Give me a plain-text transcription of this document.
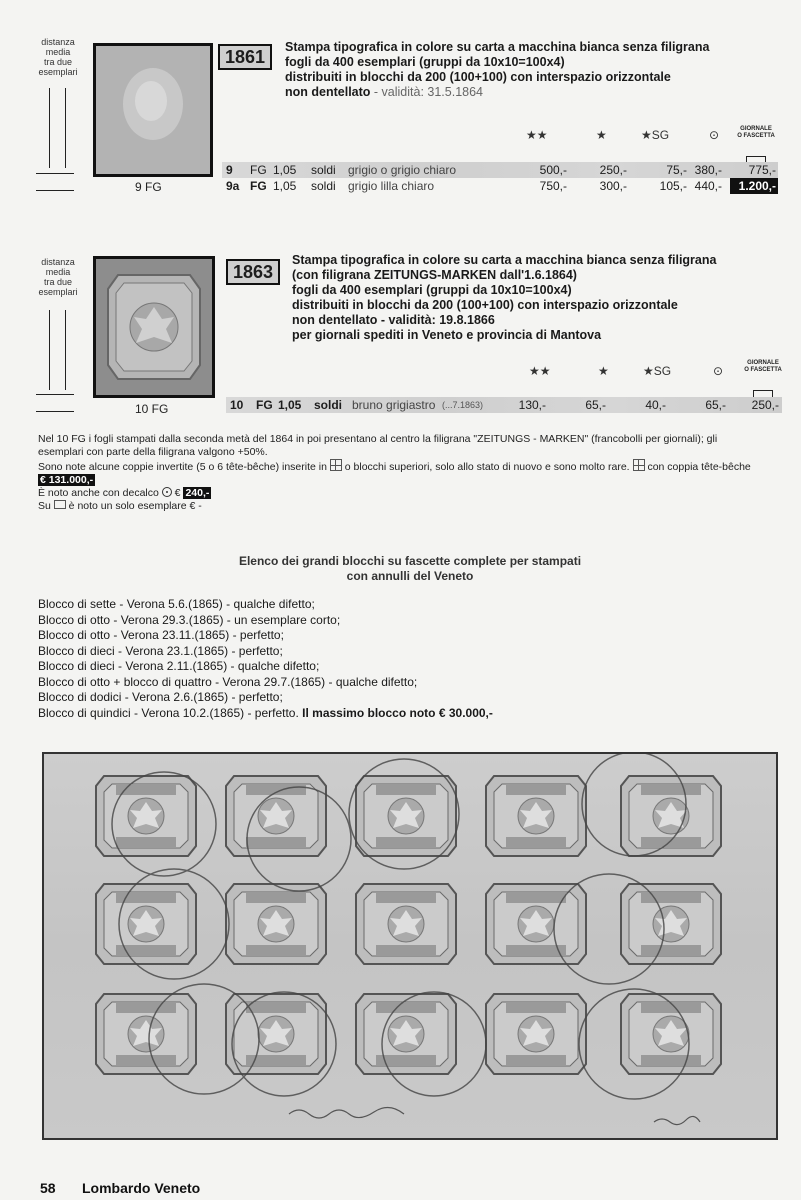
distanza
media
tra due
esemplari
9 FG
1861	Stampa tipografica in colore su carta a macchina bianca senza filigrana
fogli da 400 esemplari (gruppi da 10x10=100x4)
distribuiti in blocchi da 200 (100+100) con interspazio orizzontale
non dentellato - validità: 31.5.1864
★★	★	★SG	⊙

	GIORNALE
O FASCETTA

9 FG 1,05 soldi grigio o grigio chiaro	500,-	250,-	75,- 380,-	775,-
9a FG 1,05 soldi grigio lilla chiaro	750,-	300,-	105,- 440,-	1.200,-
distanza
media
tra due
esemplari
10 FG
1863
Stampa tipografica in colore su carta a macchina bianca senza filigrana
(con filigrana ZEITUNGS-MARKEN dall'1.6.1864)
fogli da 400 esemplari (gruppi da 10x10=100x4)
distribuiti in blocchi da 200 (100+100) con interspazio orizzontale
non dentellato - validità: 19.8.1866
per giornali spediti in Veneto e provincia di Mantova
★★	★	★SG	⊙

GIORNALE
O FASCETTA

10 FG 1,05 soldi bruno grigiastro (...7.1863)	130,-	65,-	40,-	65,-	250,-
Nel 10 FG i fogli stampati dalla seconda metà del 1864 in poi presentano al centro la filigrana "ZEITUNGS - MARKEN" (francobolli per giornali); gli
esemplari con parte della filigrana valgono +50%.
Sono note alcune coppie invertite (5 o 6 tête-bêche) inserite in  o blocchi superiori, solo allo stato di nuovo e sono molto rare.  con coppia tête-bêche
€ 131.000,-
È noto anche con decalco  € 240,-
Su  è noto un solo esemplare € -
Elenco dei grandi blocchi su fascette complete per stampati
con annulli del Veneto
Blocco di sette - Verona 5.6.(1865) - qualche difetto;
Blocco di otto - Verona 29.3.(1865) - un esemplare corto;
Blocco di otto - Verona 23.11.(1865) - perfetto;
Blocco di dieci - Verona 23.1.(1865) - perfetto;
Blocco di dieci - Verona 2.11.(1865) - qualche difetto;
Blocco di otto + blocco di quattro - Verona 29.7.(1865) - qualche difetto;
Blocco di dodici - Verona 2.6.(1865) - perfetto;
Blocco di quindici - Verona 10.2.(1865) - perfetto. Il massimo blocco noto € 30.000,-
58 Lombardo Veneto
